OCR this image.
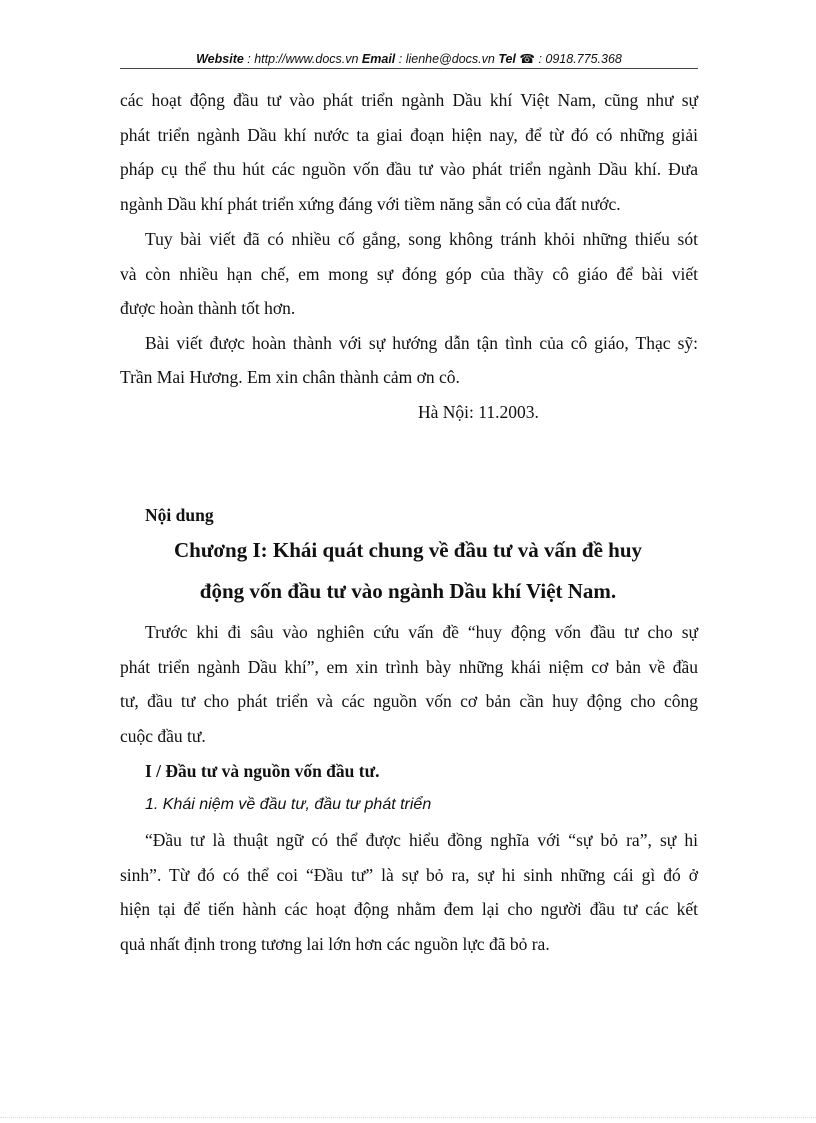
Website : http://www.docs.vn Email : lienhe@docs.vn Tel ☎ : 0918.775.368
các hoạt động đầu tư vào phát triển ngành Dầu khí Việt Nam, cũng như sự
phát triển ngành Dầu khí nước ta giai đoạn hiện nay, để từ đó có những giải
pháp cụ thể thu hút các nguồn vốn đầu tư vào phát triển ngành Dầu khí. Đưa
ngành Dầu khí phát triển xứng đáng với tiềm năng sẵn có của đất nước.
Tuy bài viết đã có nhiều cố gắng, song không tránh khỏi những thiếu sót
và còn nhiều hạn chế, em mong sự đóng góp của thầy cô giáo để bài viết
được hoàn thành tốt hơn.
Bài viết được hoàn thành với sự hướng dẫn tận tình của cô giáo, Thạc sỹ:
Trần Mai Hương. Em xin chân thành cảm ơn cô.
Hà Nội: 11.2003.
Nội dung
Chương I: Khái quát chung về đầu tư và vấn đề huy
động vốn đầu tư vào ngành Dầu khí Việt Nam.
Trước khi đi sâu vào nghiên cứu vấn đề “huy động vốn đầu tư cho sự
phát triển ngành Dầu khí”, em xin trình bày những khái niệm cơ bản về đầu
tư, đầu tư cho phát triển và các nguồn vốn cơ bản cần huy động cho công
cuộc đầu tư.
I / Đầu tư và nguồn vốn đầu tư.
1. Khái niệm về đầu tư, đầu tư phát triển
“Đầu tư là thuật ngữ có thể được hiểu đồng nghĩa với “sự bỏ ra”, sự hi
sinh”. Từ đó có thể coi “Đầu tư” là sự bỏ ra, sự hi sinh những cái gì đó ở
hiện tại để tiến hành các hoạt động nhằm đem lại cho người đầu tư các kết
quả nhất định trong tương lai lớn hơn các nguồn lực đã bỏ ra.
